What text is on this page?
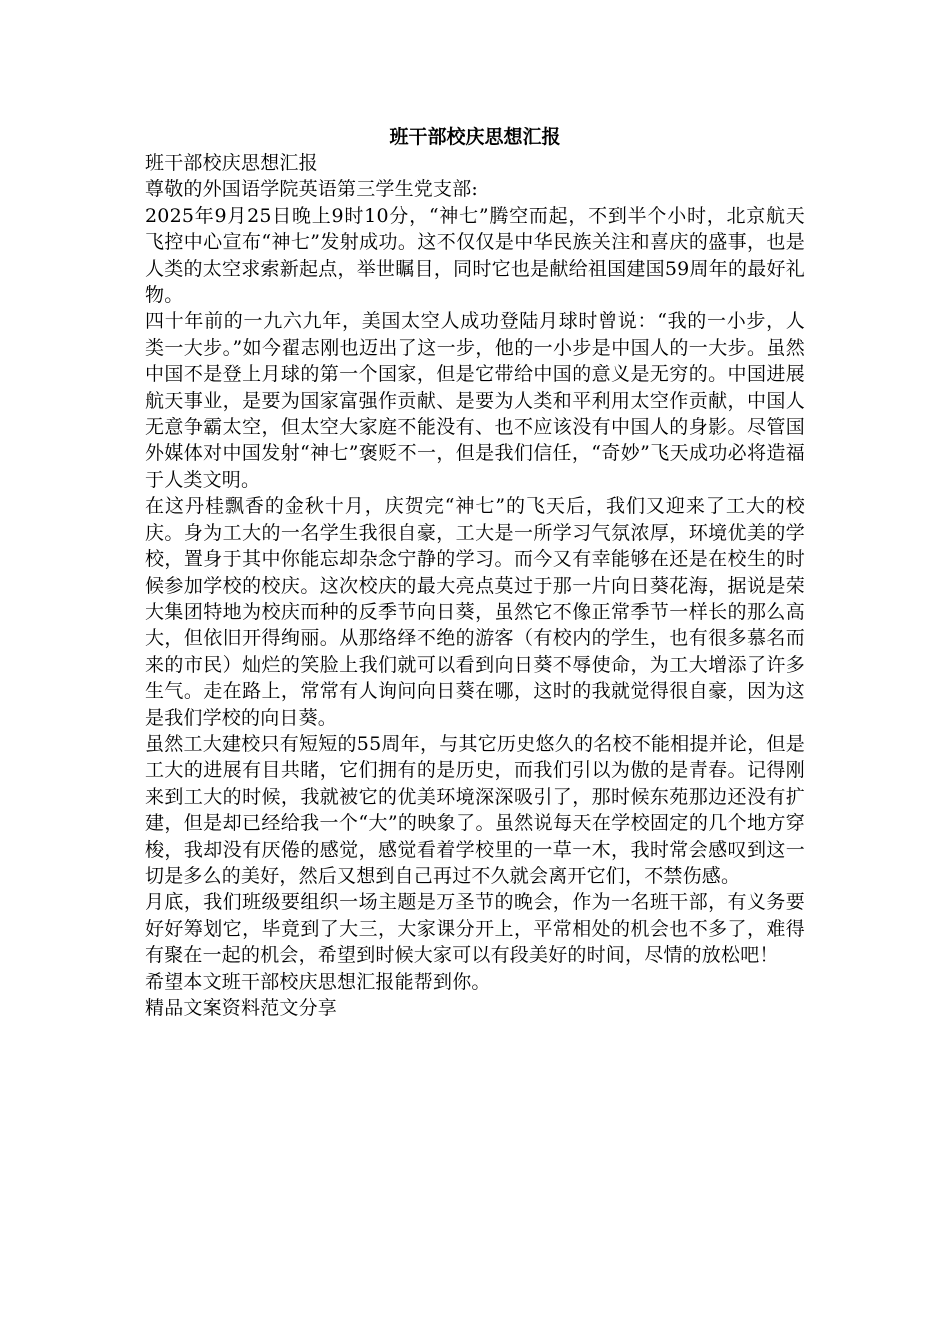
班干部校庆思想汇报

班干部校庆思想汇报

尊敬的外国语学院英语第三学生党支部:

2025年9月25日晚上9时10分，“神七”腾空而起，不到半个小时，北京航天飞控中心宣布“神七”发射成功。这不仅仅是中华民族关注和喜庆的盛事，也是人类的太空求索新起点，举世瞩目，同时它也是献给祖国建国59周年的最好礼物。

四十年前的一九六九年，美国太空人成功登陆月球时曾说：“我的一小步，人类一大步。”如今翟志刚也迈出了这一步，他的一小步是中国人的一大步。虽然中国不是登上月球的第一个国家，但是它带给中国的意义是无穷的。中国进展航天事业，是要为国家富强作贡献、是要为人类和平利用太空作贡献，中国人无意争霸太空，但太空大家庭不能没有、也不应该没有中国人的身影。尽管国外媒体对中国发射“神七”褒贬不一，但是我们信任，“奇妙”飞天成功必将造福于人类文明。

在这丹桂飘香的金秋十月，庆贺完“神七”的飞天后，我们又迎来了工大的校庆。身为工大的一名学生我很自豪，工大是一所学习气氛浓厚，环境优美的学校，置身于其中你能忘却杂念宁静的学习。而今又有幸能够在还是在校生的时候参加学校的校庆。这次校庆的最大亮点莫过于那一片向日葵花海，据说是荣大集团特地为校庆而种的反季节向日葵，虽然它不像正常季节一样长的那么高大，但依旧开得绚丽。从那络绎不绝的游客（有校内的学生，也有很多慕名而来的市民）灿烂的笑脸上我们就可以看到向日葵不辱使命，为工大增添了许多生气。走在路上，常常有人询问向日葵在哪，这时的我就觉得很自豪，因为这是我们学校的向日葵。

虽然工大建校只有短短的55周年，与其它历史悠久的名校不能相提并论，但是工大的进展有目共睹，它们拥有的是历史，而我们引以为傲的是青春。记得刚来到工大的时候，我就被它的优美环境深深吸引了，那时候东苑那边还没有扩建，但是却已经给我一个“大”的映象了。虽然说每天在学校固定的几个地方穿梭，我却没有厌倦的感觉，感觉看着学校里的一草一木，我时常会感叹到这一切是多么的美好，然后又想到自己再过不久就会离开它们，不禁伤感。

月底，我们班级要组织一场主题是万圣节的晚会，作为一名班干部，有义务要好好筹划它，毕竟到了大三，大家课分开上，平常相处的机会也不多了，难得有聚在一起的机会，希望到时候大家可以有段美好的时间，尽情的放松吧！

希望本文班干部校庆思想汇报能帮到你。

精品文案资料范文分享
